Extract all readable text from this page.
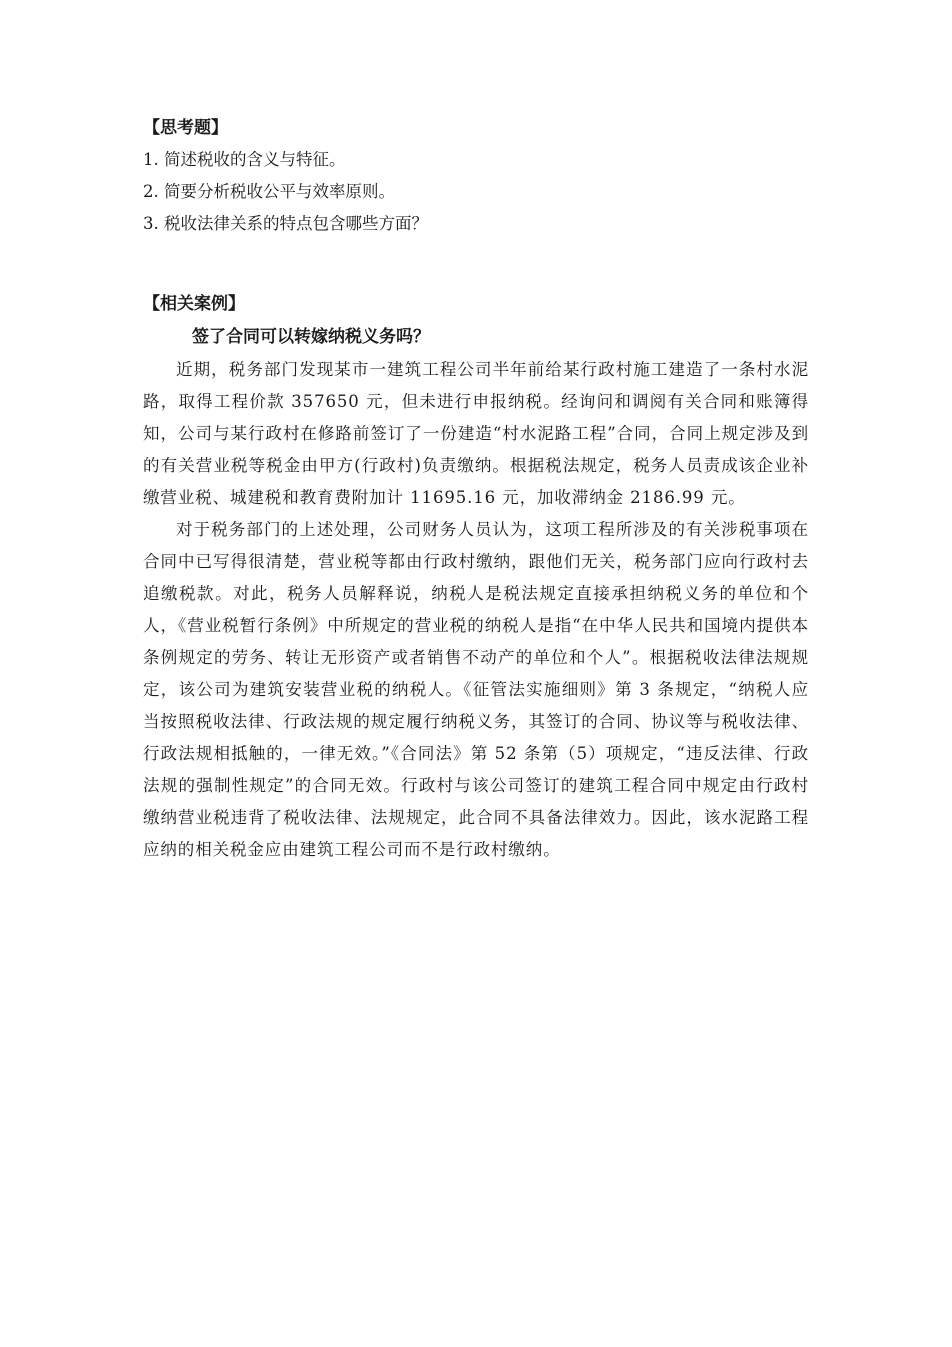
【思考题】

1. 简述税收的含义与特征。

2. 简要分析税收公平与效率原则。

3. 税收法律关系的特点包含哪些方面？

【相关案例】

签了合同可以转嫁纳税义务吗？

近期，税务部门发现某市一建筑工程公司半年前给某行政村施工建造了一条村水泥路，取得工程价款 357650 元，但未进行申报纳税。经询问和调阅有关合同和账簿得知，公司与某行政村在修路前签订了一份建造“村水泥路工程”合同，合同上规定涉及到的有关营业税等税金由甲方(行政村)负责缴纳。根据税法规定，税务人员责成该企业补缴营业税、城建税和教育费附加计 11695.16 元，加收滞纳金 2186.99 元。

对于税务部门的上述处理，公司财务人员认为，这项工程所涉及的有关涉税事项在合同中已写得很清楚，营业税等都由行政村缴纳，跟他们无关，税务部门应向行政村去追缴税款。对此，税务人员解释说，纳税人是税法规定直接承担纳税义务的单位和个人，《营业税暂行条例》中所规定的营业税的纳税人是指“在中华人民共和国境内提供本条例规定的劳务、转让无形资产或者销售不动产的单位和个人”。根据税收法律法规规定，该公司为建筑安装营业税的纳税人。《征管法实施细则》第 3 条规定，“纳税人应当按照税收法律、行政法规的规定履行纳税义务，其签订的合同、协议等与税收法律、行政法规相抵触的，一律无效。”《合同法》第 52 条第（5）项规定，“违反法律、行政法规的强制性规定”的合同无效。行政村与该公司签订的建筑工程合同中规定由行政村缴纳营业税违背了税收法律、法规规定，此合同不具备法律效力。因此，该水泥路工程应纳的相关税金应由建筑工程公司而不是行政村缴纳。
